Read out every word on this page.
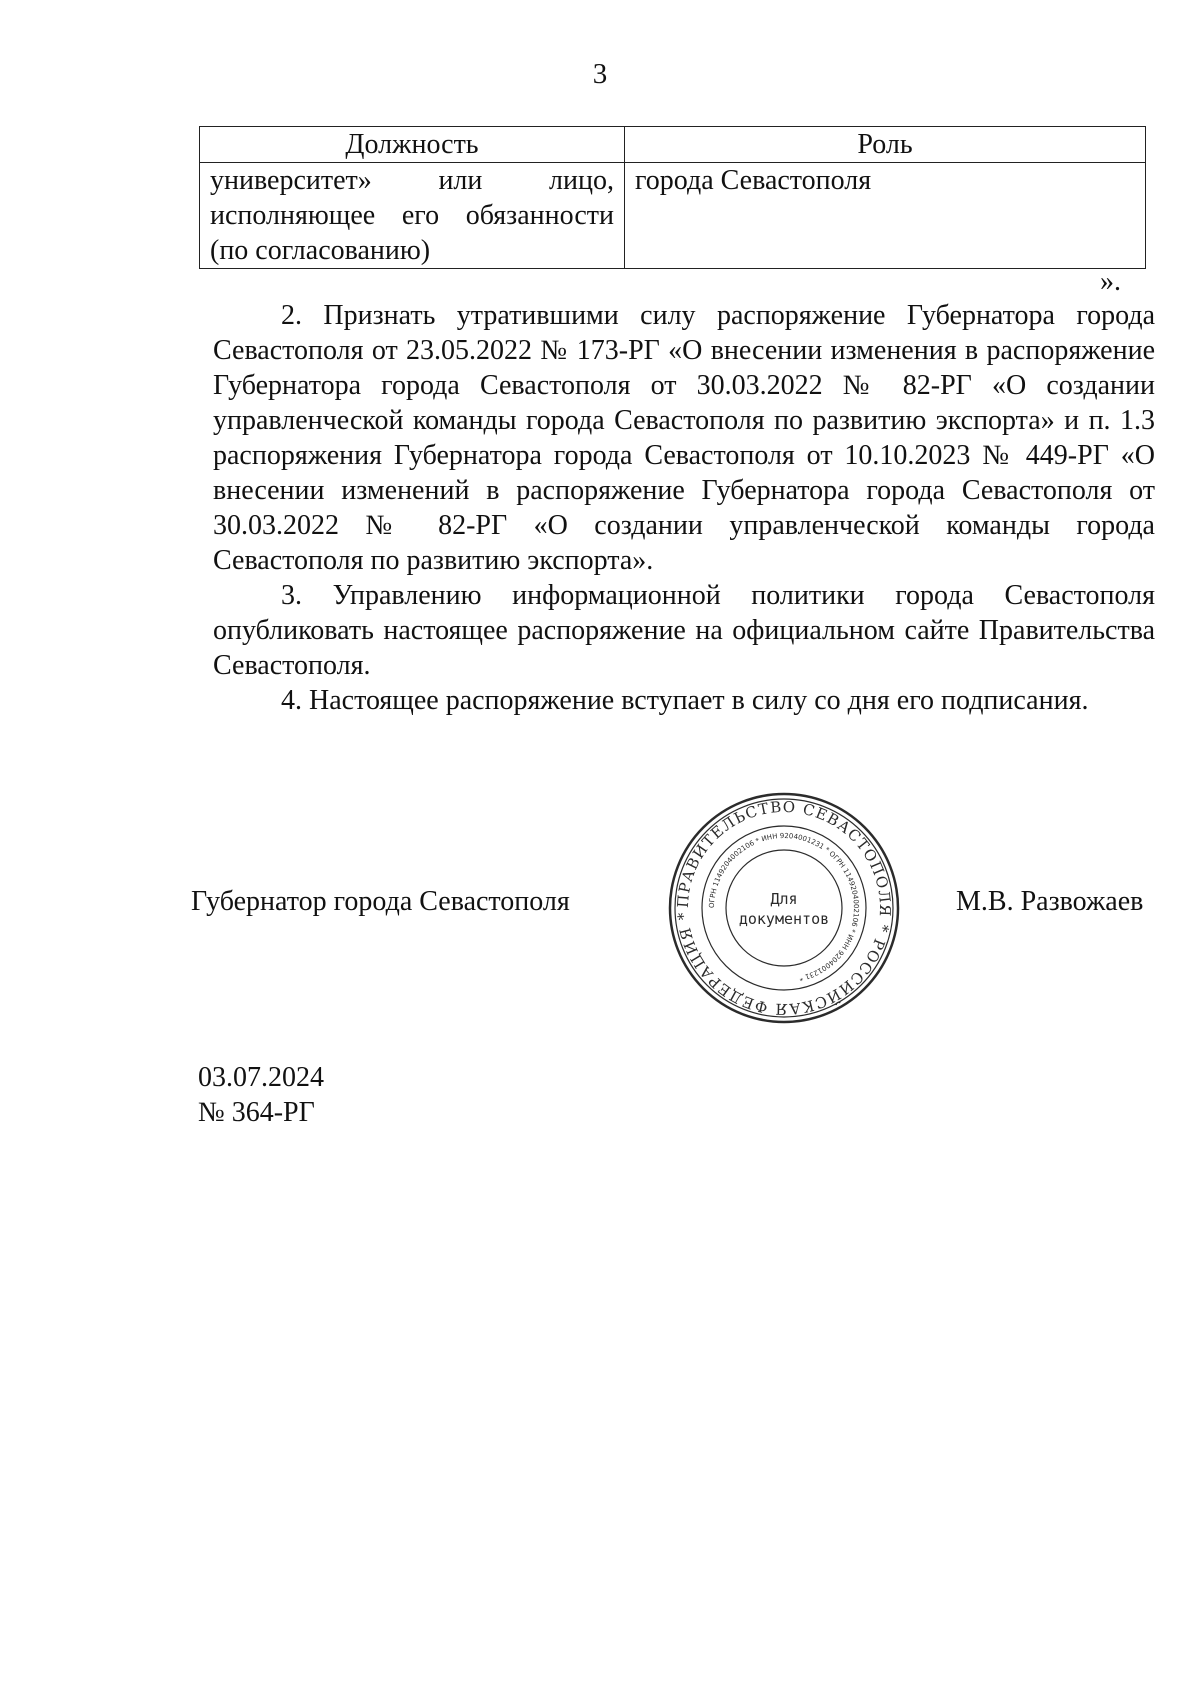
3
Должность	Роль
университет» или лицо, исполняющее его обязанности (по согласованию)	города Севастополя
».

2. Признать утратившими силу распоряжение Губернатора города Севастополя от 23.05.2022 № 173-РГ «О внесении изменения в распоряжение Губернатора города Севастополя от 30.03.2022 № 82-РГ «О создании управленческой команды города Севастополя по развитию экспорта» и п. 1.3 распоряжения Губернатора города Севастополя от 10.10.2023 № 449-РГ «О внесении изменений в распоряжение Губернатора города Севастополя от 30.03.2022 № 82-РГ «О создании управленческой команды города Севастополя по развитию экспорта».

3. Управлению информационной политики города Севастополя опубликовать настоящее распоряжение на официальном сайте Правительства Севастополя.

4. Настоящее распоряжение вступает в силу со дня его подписания.

Губернатор города Севастополя	М.В. Развожаев
ПРАВИТЕЛЬСТВО СЕВАСТОПОЛЯ * РОССИЙСКАЯ ФЕДЕРАЦИЯ *
ОГРН 1149204002106 * ИНН 9204001231 * ОГРН 1149204002106 * ИНН 9204001231 *
Для
документов
03.07.2024
№ 364-РГ
